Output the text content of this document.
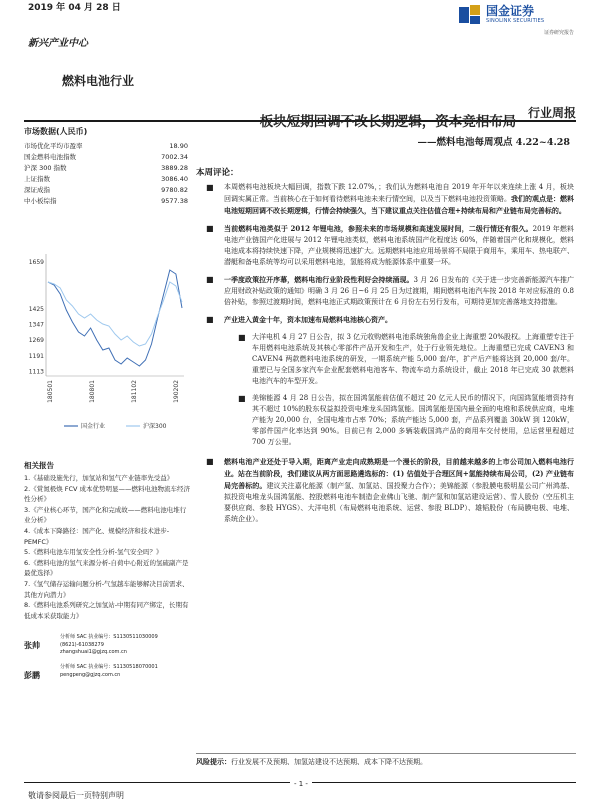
2019 年 04 月 28 日
新兴产业中心
燃料电池行业
行业周报
国金证券
SINOLINK SECURITIES
证券研究报告
市场数据(人民币)
市场优化平均市盈率	18.90
国金燃料电池指数	7002.34
沪深 300 指数	3889.28
上证指数	3086.40
深证成指	9780.82
中小板综指	9577.38
1659
1425
1347
1269
1191
1113
180501	180801	181102	190202
国金行业	沪深300
相关报告
1.《基础设施先行，加氢站和氢气产业链率先受益》
2.《赏氮极焕 FCV 成本优势明显——燃料电池物流车经济性分析》
3.《产业核心环节，国产化和完成故——燃料电池电堆行业分析》
4.《成本下降路径：国产化、规模经济和技术进步-PEMFC》
5.《燃料电池车用氢安全性分析-氢气安全吗？》
6.《燃料电池的氢气来源分析-自荷中心附近的氢硫副产是最优选择》
7.《氢气储存运输问题分析-气氢越车能够解决目前需求、其他方向潜力》
8.《燃料电池系列研究之加氢站-中期有同产绑定，长期有低成本采获取能力》
张帅
分析师 SAC 执业编号：S1130511030009
(8621)-61038279
zhangshuai1@gjzq.com.cn
彭鹏
分析师 SAC 执业编号：S1130518070001
pengpeng@gjzq.com.cn
板块短期回调不改长期逻辑，资本竞相布局
——燃料电池每周观点 4.22~4.28
本周评论：
■ 本周燃料电池板块大幅回调，指数下跌 12.07%，；我们认为燃料电池自 2019 年开年以来连续上涨 4 月，板块回调实属正常。当前核心在于如何看待燃料电池未来行情空间，以及当下燃料电池投资策略。我们的观点是：燃料电池短期回调不改长期逻辑，行情会持续强久，当下建议重点关注估值合理+持续布局和产业链布局完善标的。
■ 当前燃料电池类似于 2012 年锂电池，参照未来的市场规模和高速发展时间，二级行情还有很久。2019 年燃料电池产业链国产化进展与 2012 年锂电池类似，燃料电池系统国产化程度达 60%，伴随着国产化和规模化，燃料电池成本将持续快速下降，产业规模将迅速扩大。远期燃料电池应用场景将不局限于商用车，乘用车、热电联产、潜艇和备电系统等均可以采用燃料电池，氢能将成为能源体系中重要一环。
■ 一季度政策拉开序幕，燃料电池行业阶段性利好会持续涌现。3 月 26 日发布的《关于进一步完善新能源汽车推广应用财政补贴政策的通知》明确 3 月 26 日~6 月 25 日为过渡期，期间燃料电池汽车按 2018 年对应标准的 0.8 倍补贴，参照过渡期时间，燃料电池正式期政策预计在 6 月份左右另行发布，可期待更加完善落地支持措施。
■ 产业进入黄金十年，资本加速布局燃料电池核心资产。
■ 大洋电机 4 月 27 日公告，拟 3 亿元收购燃料电池系统独角兽企业上海重塑 20%股权。上海重塑专注于车用燃料电池系统及其核心零部件产品开发和生产，处于行业领先地位。上海重塑已完成 CAVEN3 和 CAVEN4 两款燃料电池系统的研发，一期系统产能 5,000 套/年，扩产后产能将达到 20,000 套/年。重塑已与全国多家汽车企业配套燃料电池客车、物流车动力系统设计，截止 2018 年已完成 30 款燃料电池汽车的车型开发。
■ 美锦能源 4 月 28 日公告，拟在国鸿氢能前估值不超过 20 亿元人民币的情况下，向国鸿氢能增资持有其不超过 10%的股东权益拟投资电堆龙头国鸿氢能。国鸿氢能是国内最全面的电堆和系统供应商，电堆产能为 20,000 台，全国电堆市占率 70%；系统产能达 5,000 套，产品系列覆盖 30kW 到 120kW，零部件国产化率达到 90%。目前已有 2,000 多辆装载国鸿产品的商用车交付使用，总运营里程超过 700 万公里。
■ 燃料电池产业还处于导入期，距离产业走向成熟期是一个漫长的阶段，目前越来越多的上市公司加入燃料电池行业。站在当前阶段，我们建议从两方面思路遴选标的：(1) 估值处于合理区间+氢能持续布局公司，(2) 产业链布局完善标的。建议关注嘉化能源（制产氢、加氢站、国投聚力合作）；美锦能源（参股膜电极明星公司广州鸿基、拟投资电堆龙头国鸿氢能、控股燃料电池车制造企业佛山飞驰、制产氢和加氢站建设运营）、雪人股份（空压机主要供应商、参股 HYGS）、大洋电机（布局燃料电池系统、运营、参股 BLDP）、雄韬股份（布局膜电极、电堆、系统企业）。
风险提示：行业发展不及预期、加氢站建设不达预期、成本下降不达预期。
- 1 -
敬请参阅最后一页特别声明
